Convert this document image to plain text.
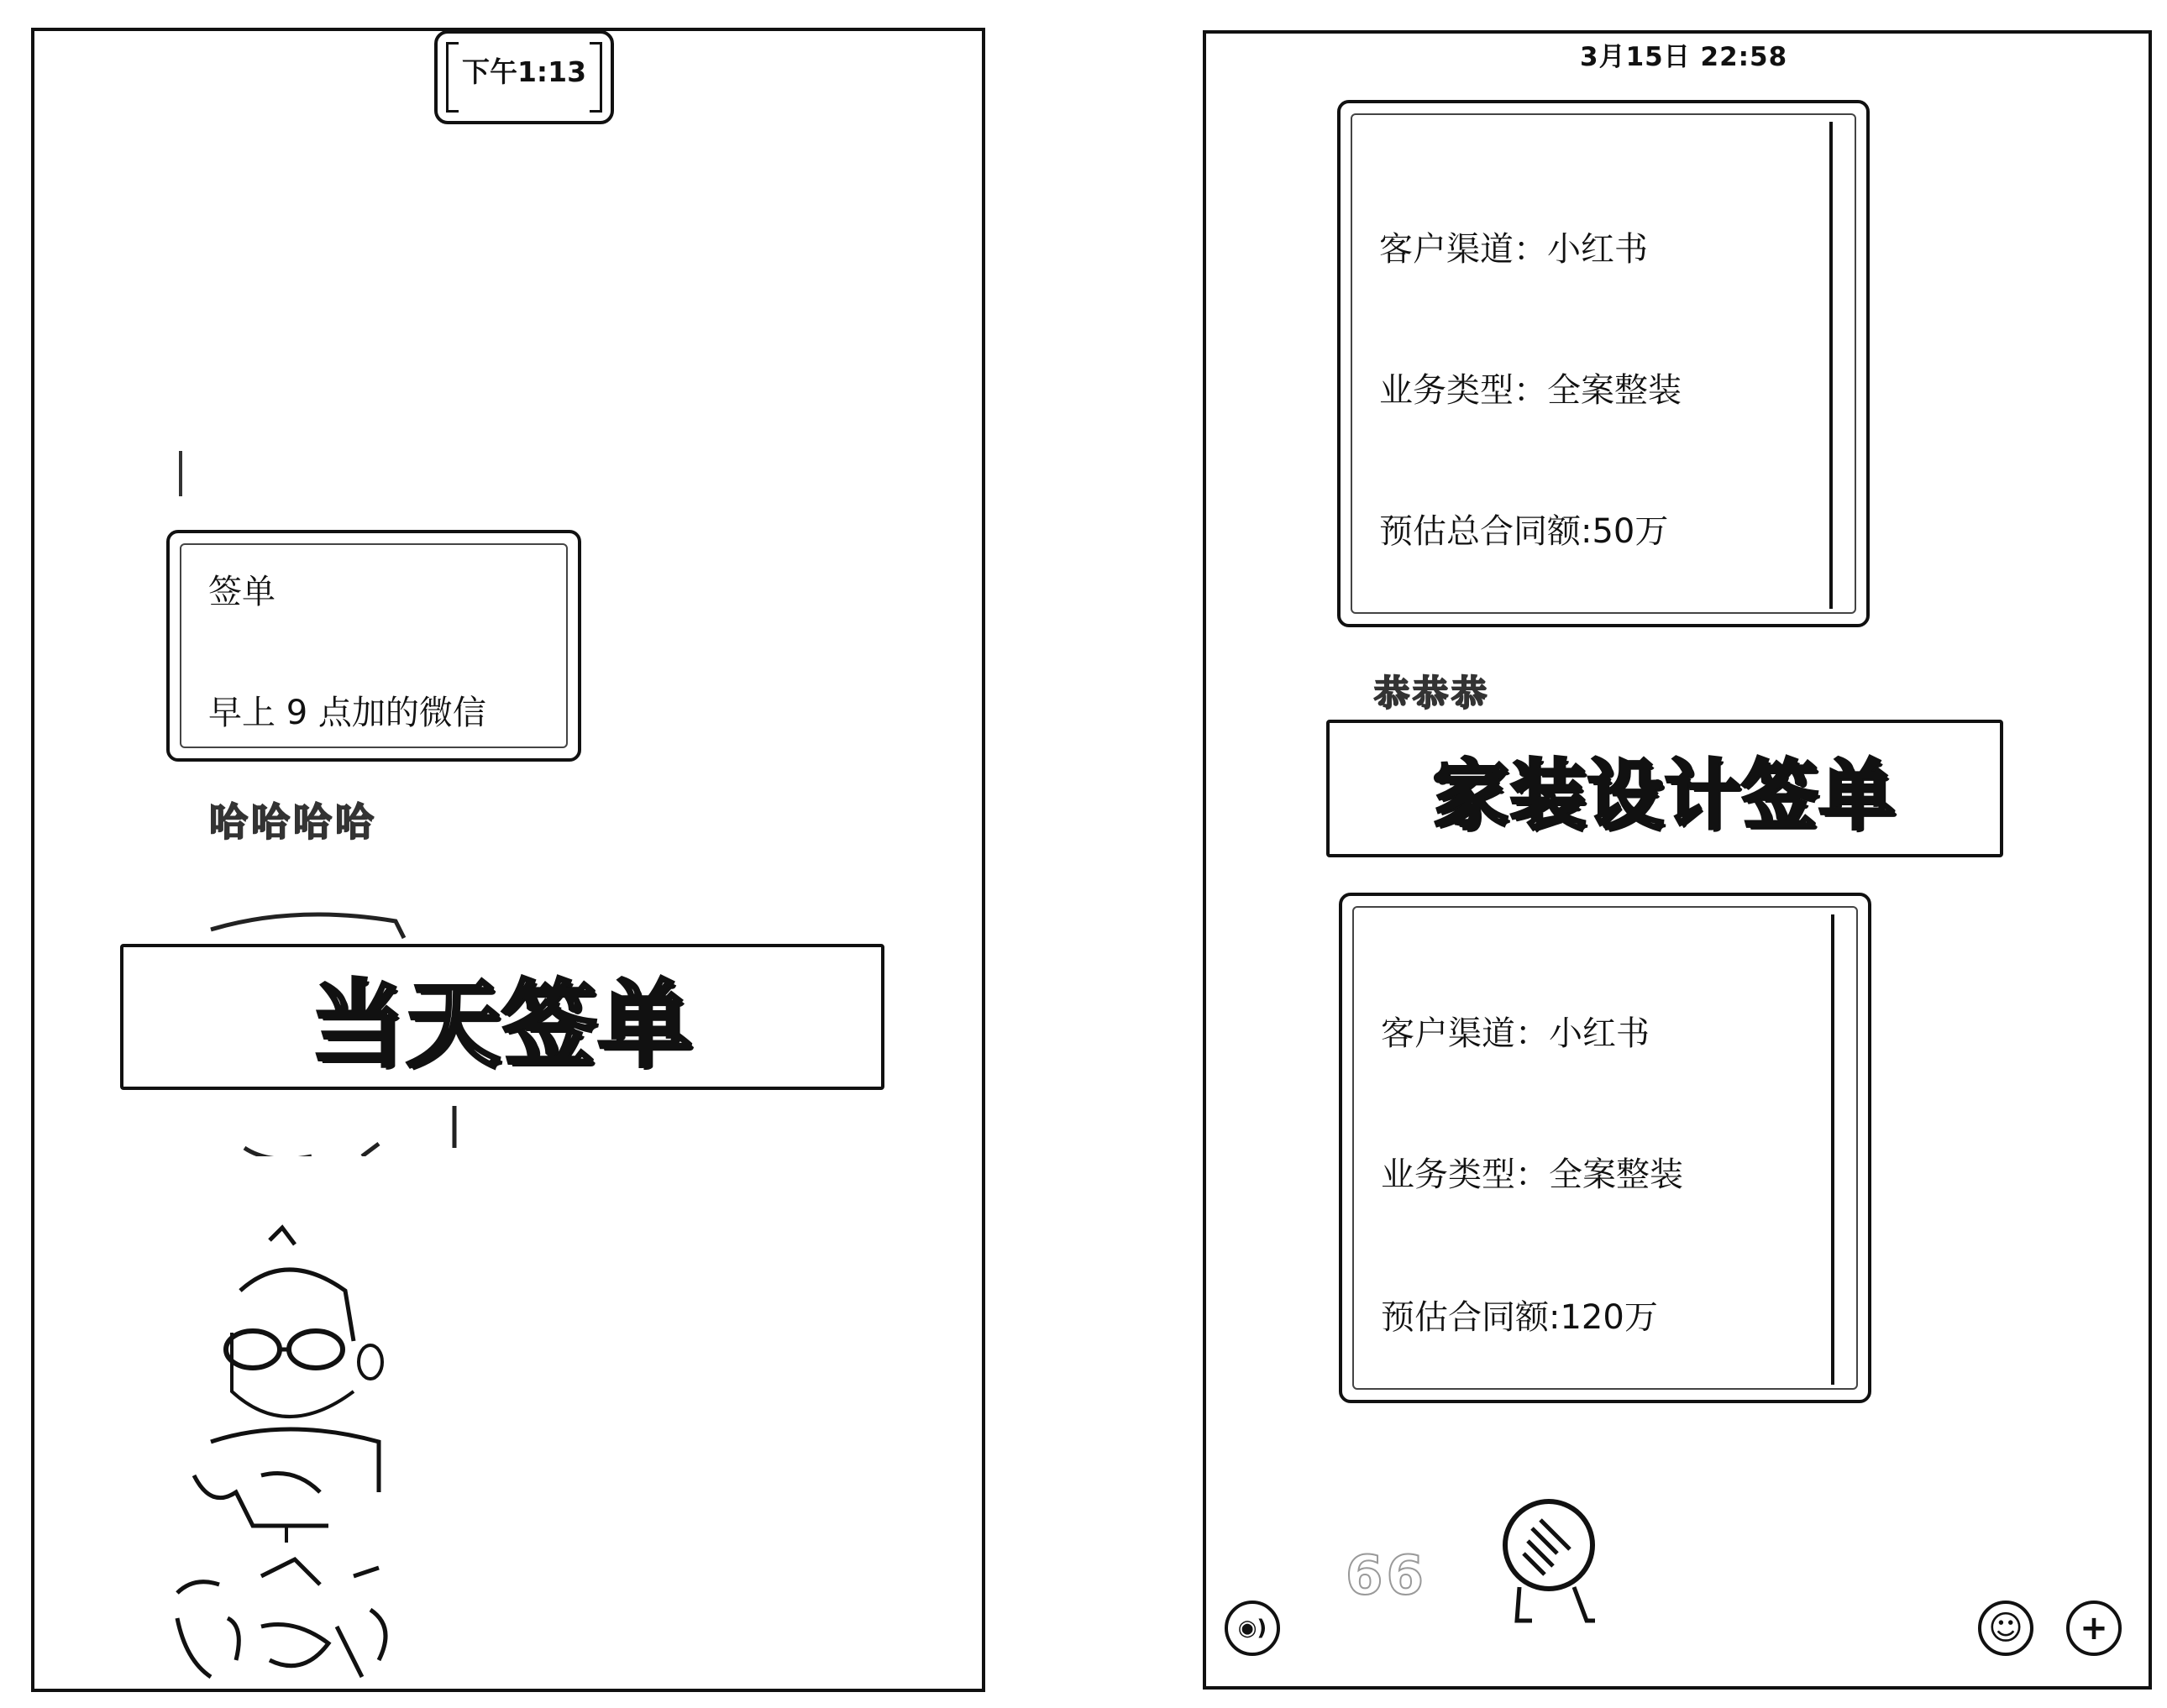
下午1:13
签单
早上 9 点加的微信
哈哈哈哈
当天签单
3月15日 22:58
客户渠道：小红书
业务类型：全案整装
预估总合同额:50万
恭恭恭
家装设计签单
客户渠道：小红书
业务类型：全案整装
预估合同额:120万
66
◉)	☺ +
